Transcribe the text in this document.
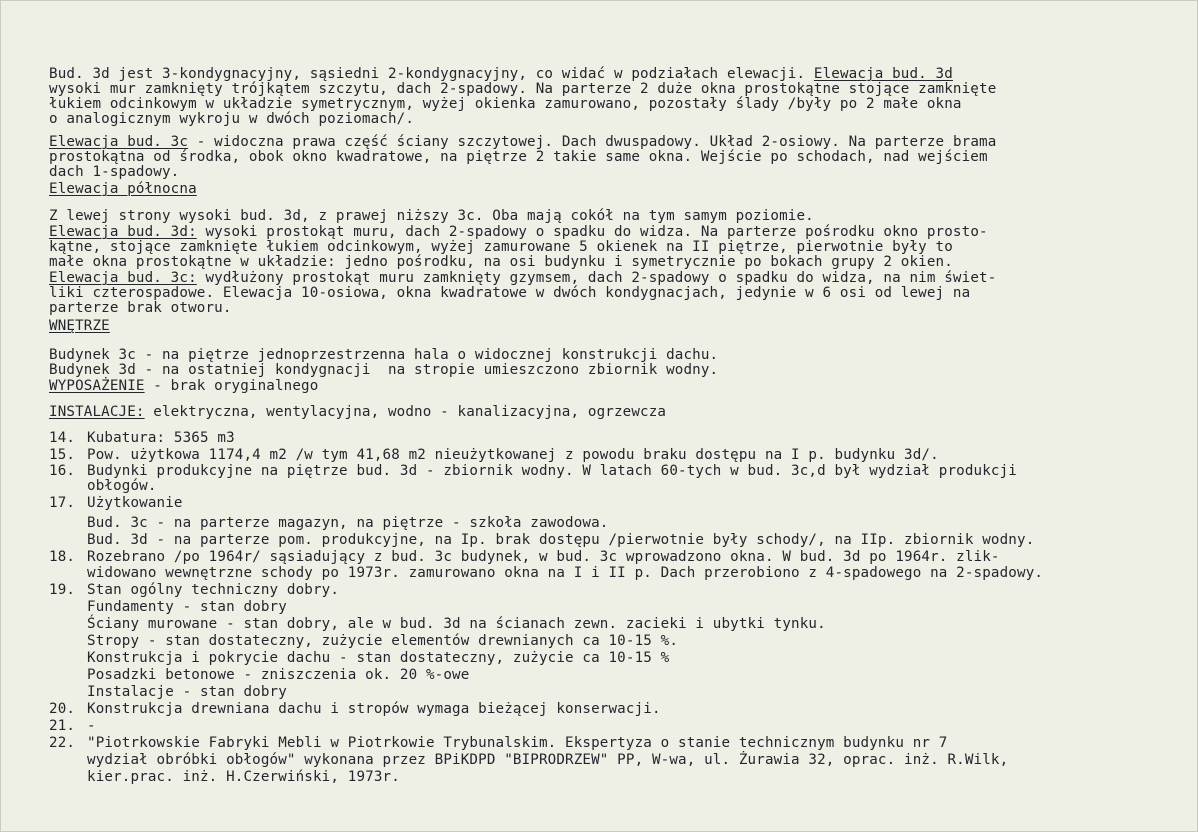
Bud. 3d jest 3-kondygnacyjny, sąsiedni 2-kondygnacyjny, co widać w podziałach elewacji. Elewacja bud. 3d
wysoki mur zamknięty trójkątem szczytu, dach 2-spadowy. Na parterze 2 duże okna prostokątne stojące zamknięte
łukiem odcinkowym w układzie symetrycznym, wyżej okienka zamurowano, pozostały ślady /były po 2 małe okna
o analogicznym wykroju w dwóch poziomach/.
Elewacja bud. 3c - widoczna prawa część ściany szczytowej. Dach dwuspadowy. Układ 2-osiowy. Na parterze brama
prostokątna od środka, obok okno kwadratowe, na piętrze 2 takie same okna. Wejście po schodach, nad wejściem
dach 1-spadowy.
Elewacja północna
Z lewej strony wysoki bud. 3d, z prawej niższy 3c. Oba mają cokół na tym samym poziomie.
Elewacja bud. 3d: wysoki prostokąt muru, dach 2-spadowy o spadku do widza. Na parterze pośrodku okno prosto-
kątne, stojące zamknięte łukiem odcinkowym, wyżej zamurowane 5 okienek na II piętrze, pierwotnie były to
małe okna prostokątne w układzie: jedno pośrodku, na osi budynku i symetrycznie po bokach grupy 2 okien.
Elewacja bud. 3c: wydłużony prostokąt muru zamknięty gzymsem, dach 2-spadowy o spadku do widza, na nim świet-
liki czterospadowe. Elewacja 10-osiowa, okna kwadratowe w dwóch kondygnacjach, jedynie w 6 osi od lewej na
parterze brak otworu.
WNĘTRZE
Budynek 3c - na piętrze jednoprzestrzenna hala o widocznej konstrukcji dachu.
Budynek 3d - na ostatniej kondygnacji  na stropie umieszczono zbiornik wodny.
WYPOSAŻENIE - brak oryginalnego
INSTALACJE: elektryczna, wentylacyjna, wodno - kanalizacyjna, ogrzewcza
14. Kubatura: 5365 m3
15. Pow. użytkowa 1174,4 m2 /w tym 41,68 m2 nieużytkowanej z powodu braku dostępu na I p. budynku 3d/.
16. Budynki produkcyjne na piętrze bud. 3d - zbiornik wodny. W latach 60-tych w bud. 3c,d był wydział produkcji
obłogów.
17. Użytkowanie
Bud. 3c - na parterze magazyn, na piętrze - szkoła zawodowa.
Bud. 3d - na parterze pom. produkcyjne, na Ip. brak dostępu /pierwotnie były schody/, na IIp. zbiornik wodny.
18. Rozebrano /po 1964r/ sąsiadujący z bud. 3c budynek, w bud. 3c wprowadzono okna. W bud. 3d po 1964r. zlik-
widowano wewnętrzne schody po 1973r. zamurowano okna na I i II p. Dach przerobiono z 4-spadowego na 2-spadowy.
19. Stan ogólny techniczny dobry.
Fundamenty - stan dobry
Ściany murowane - stan dobry, ale w bud. 3d na ścianach zewn. zacieki i ubytki tynku.
Stropy - stan dostateczny, zużycie elementów drewnianych ca 10-15 %.
Konstrukcja i pokrycie dachu - stan dostateczny, zużycie ca 10-15 %
Posadzki betonowe - zniszczenia ok. 20 %-owe
Instalacje - stan dobry
20. Konstrukcja drewniana dachu i stropów wymaga bieżącej konserwacji.
21. -
22. "Piotrkowskie Fabryki Mebli w Piotrkowie Trybunalskim. Ekspertyza o stanie technicznym budynku nr 7
wydział obróbki obłogów" wykonana przez BPiKDPD "BIPRODRZEW" PP, W-wa, ul. Żurawia 32, oprac. inż. R.Wilk,
kier.prac. inż. H.Czerwiński, 1973r.
